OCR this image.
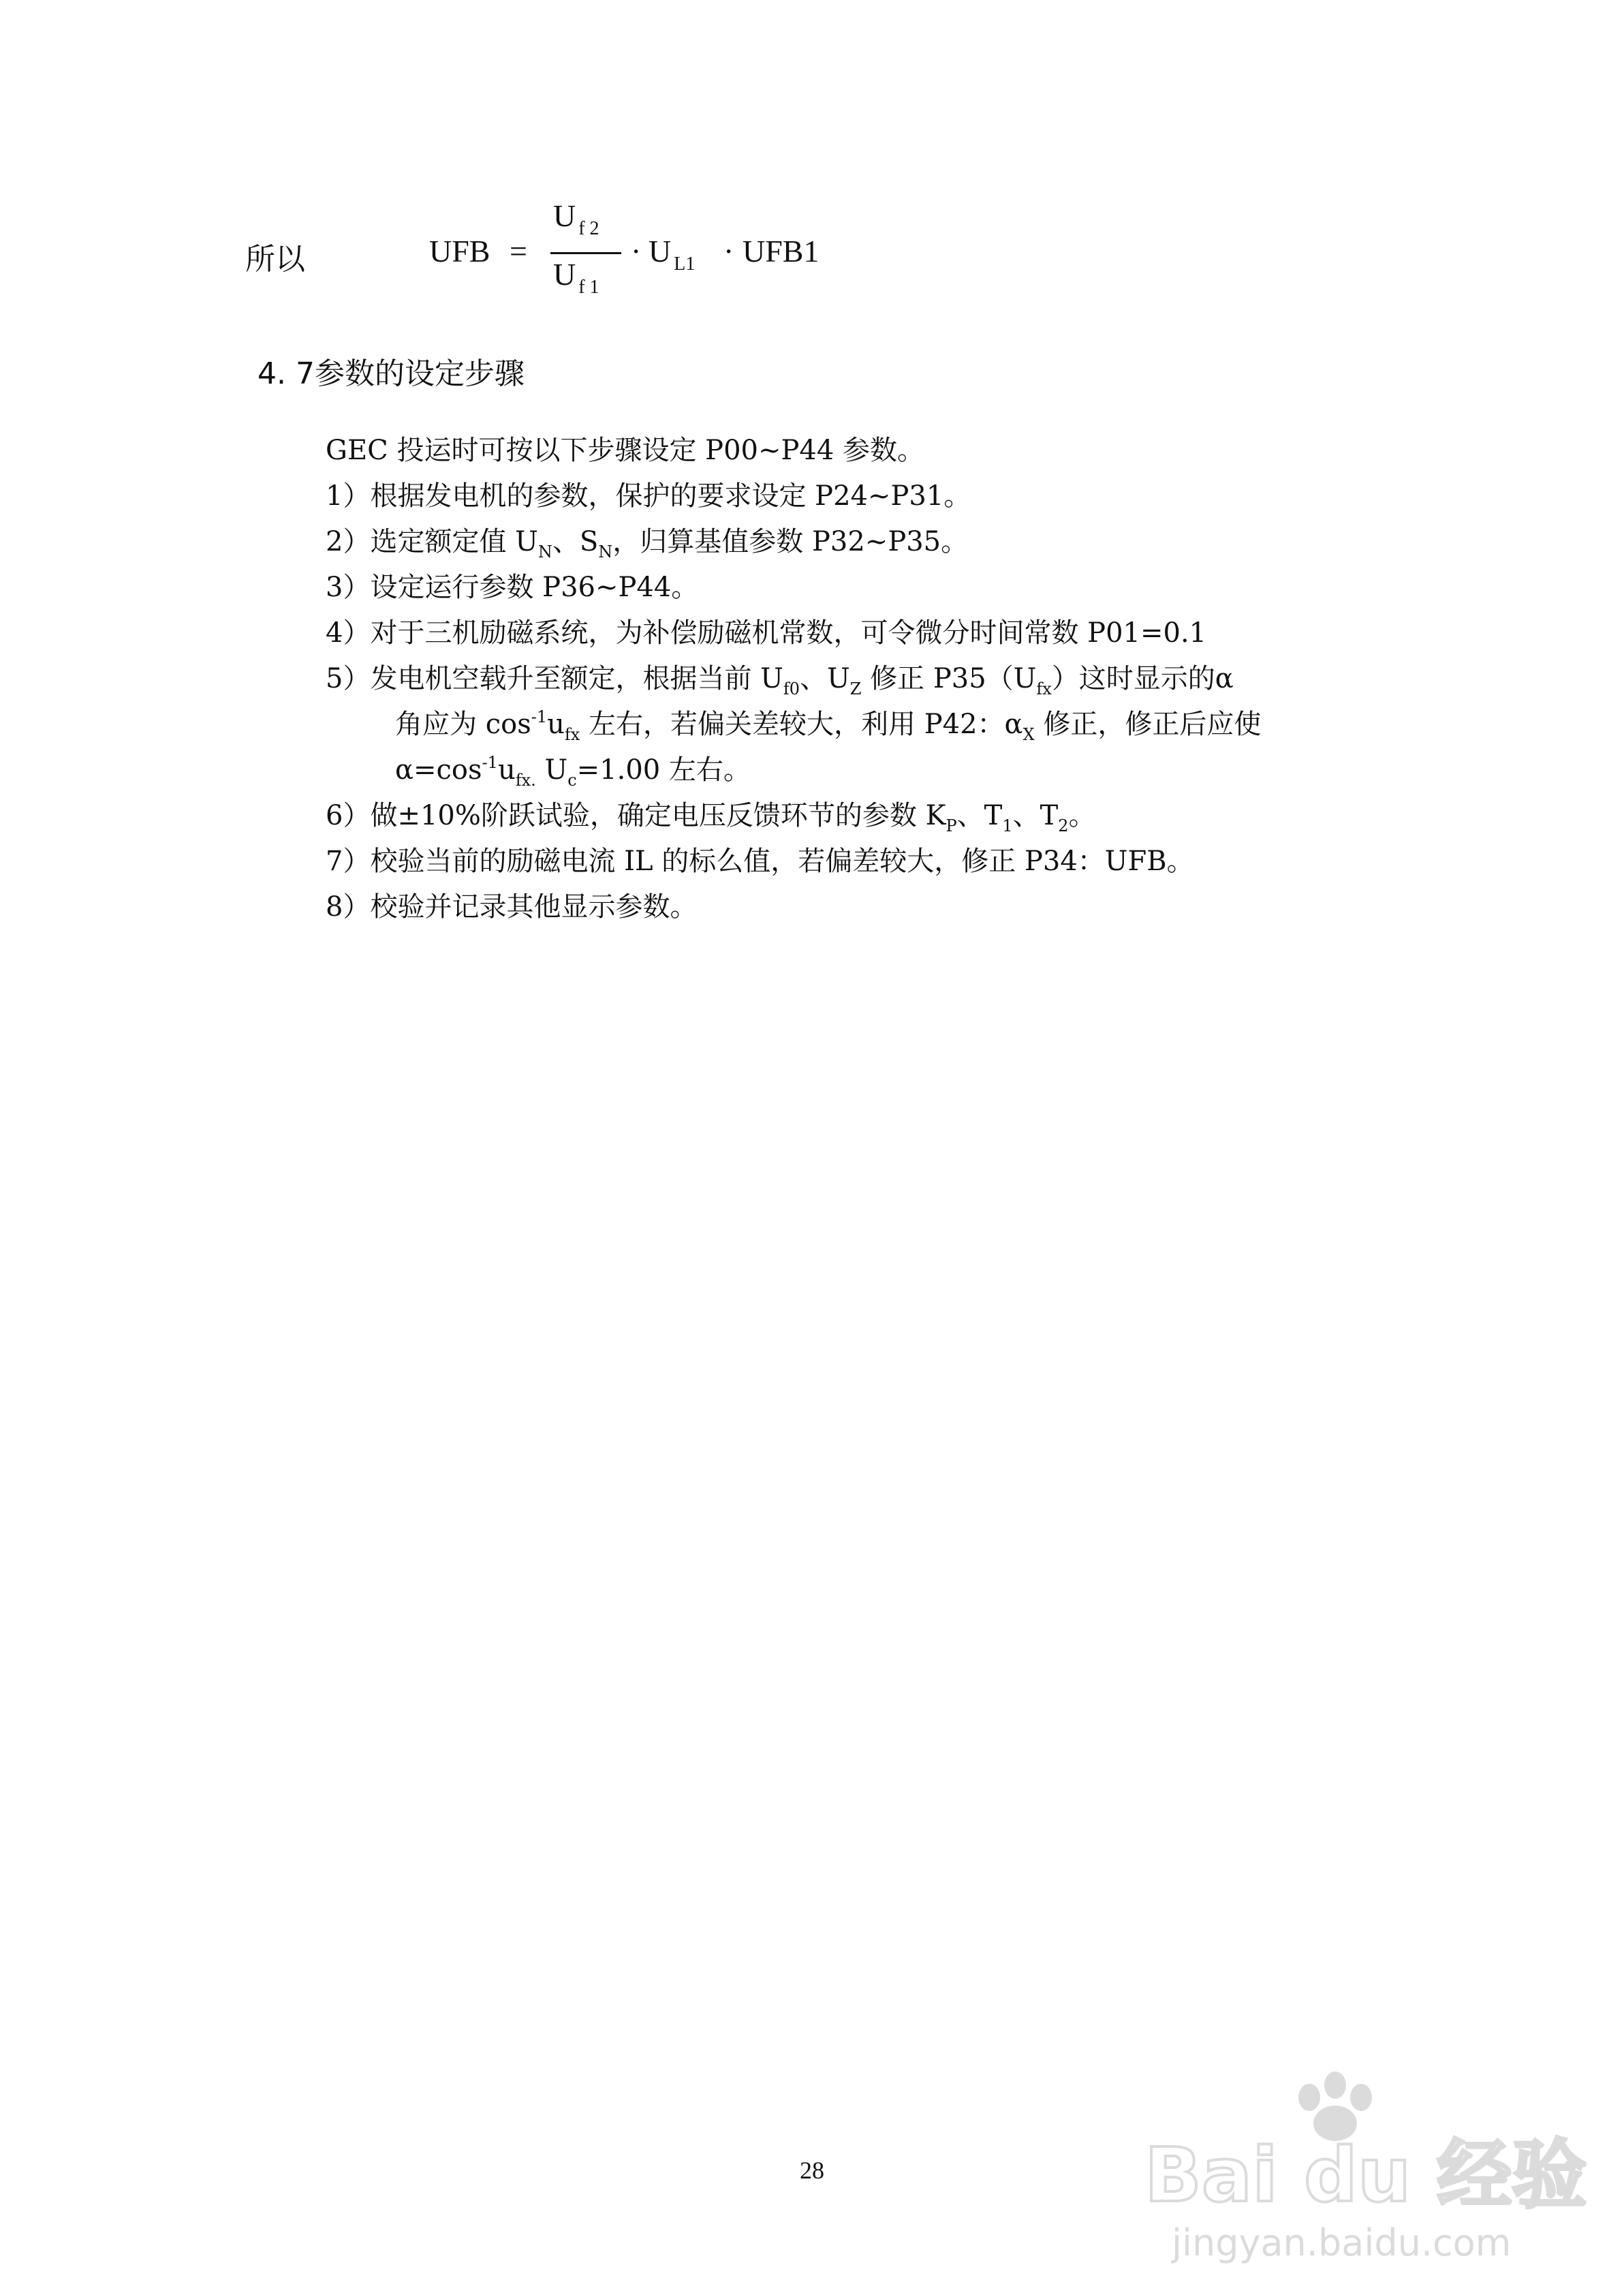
所以	UFB =
U $_{f 2}$
U $_{f 1}$
· U $_{L1}$ · UFB1
4. 7参数的设定步骤
GEC 投运时可按以下步骤设定 P00~P44 参数。
1）根据发电机的参数，保护的要求设定 P24~P31。
2）选定额定值 $U_N$、$S_N$，归算基值参数 P32~P35。
3）设定运行参数 P36~P44。
4）对于三机励磁系统，为补偿励磁机常数，可令微分时间常数 P01=0.1
5）发电机空载升至额定，根据当前 $U_{f0}$、$U_Z$ 修正 $P35(U_{fx})$这时显示的α
角应为 $\cos^{-1}u_{fx}$ 左右，若偏关差较大，利用 P42：$\alpha_X$ 修正，修正后应使
$\alpha=\cos^{-1}u_{fx.}$ $U_c=1.00$ 左右。
6）做±10%阶跃试验，确定电压反馈环节的参数 $K_P$、$T_1$、$T_2$。
7）校验当前的励磁电流 IL 的标么值，若偏差较大，修正 P34：UFB。
8）校验并记录其他显示参数。
28	Bai du 经验
jingyan.baidu.com
